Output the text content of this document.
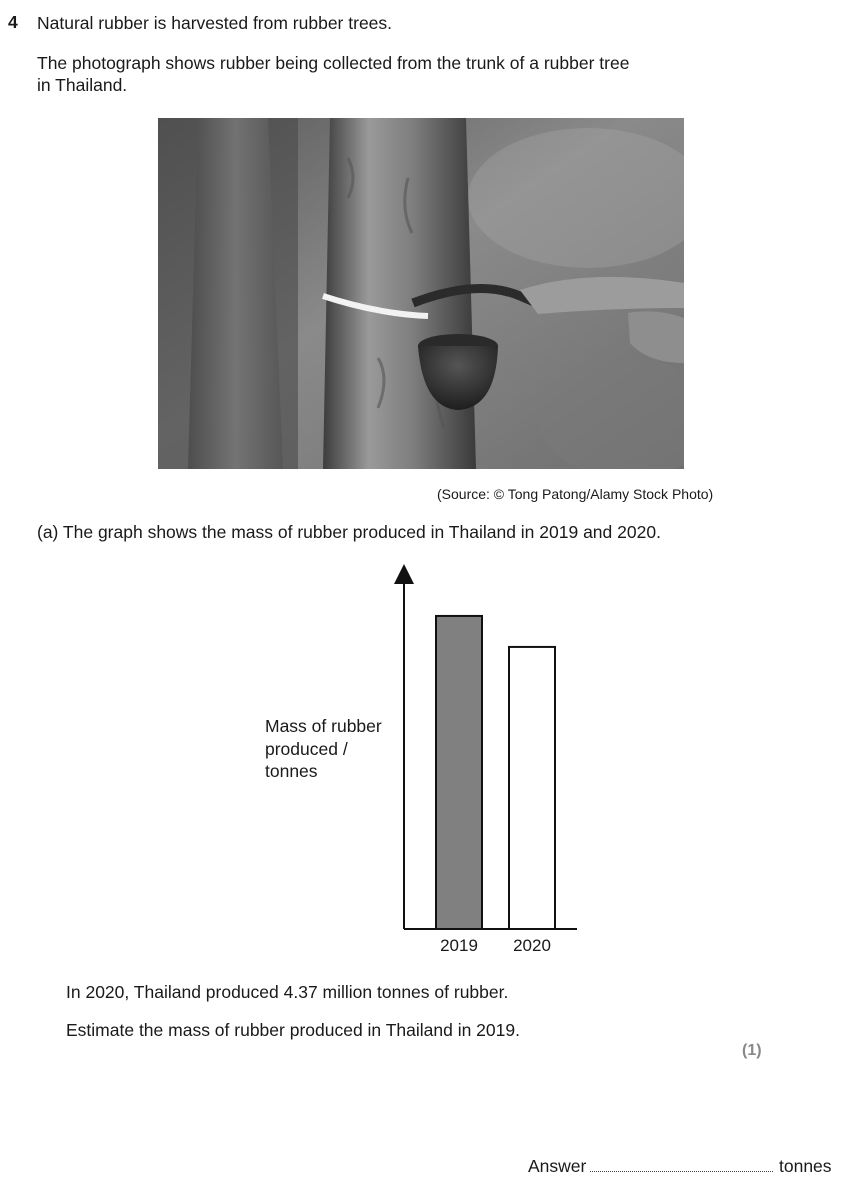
4 Natural rubber is harvested from rubber trees.
The photograph shows rubber being collected from the trunk of a rubber tree
in Thailand.
(Source: © Tong Patong/Alamy Stock Photo)
(a) The graph shows the mass of rubber produced in Thailand in 2019 and 2020.
2019 2020
Mass of rubber
produced /
tonnes
In 2020, Thailand produced 4.37 million tonnes of rubber.
Estimate the mass of rubber produced in Thailand in 2019.
(1)
Answer	tonnes
